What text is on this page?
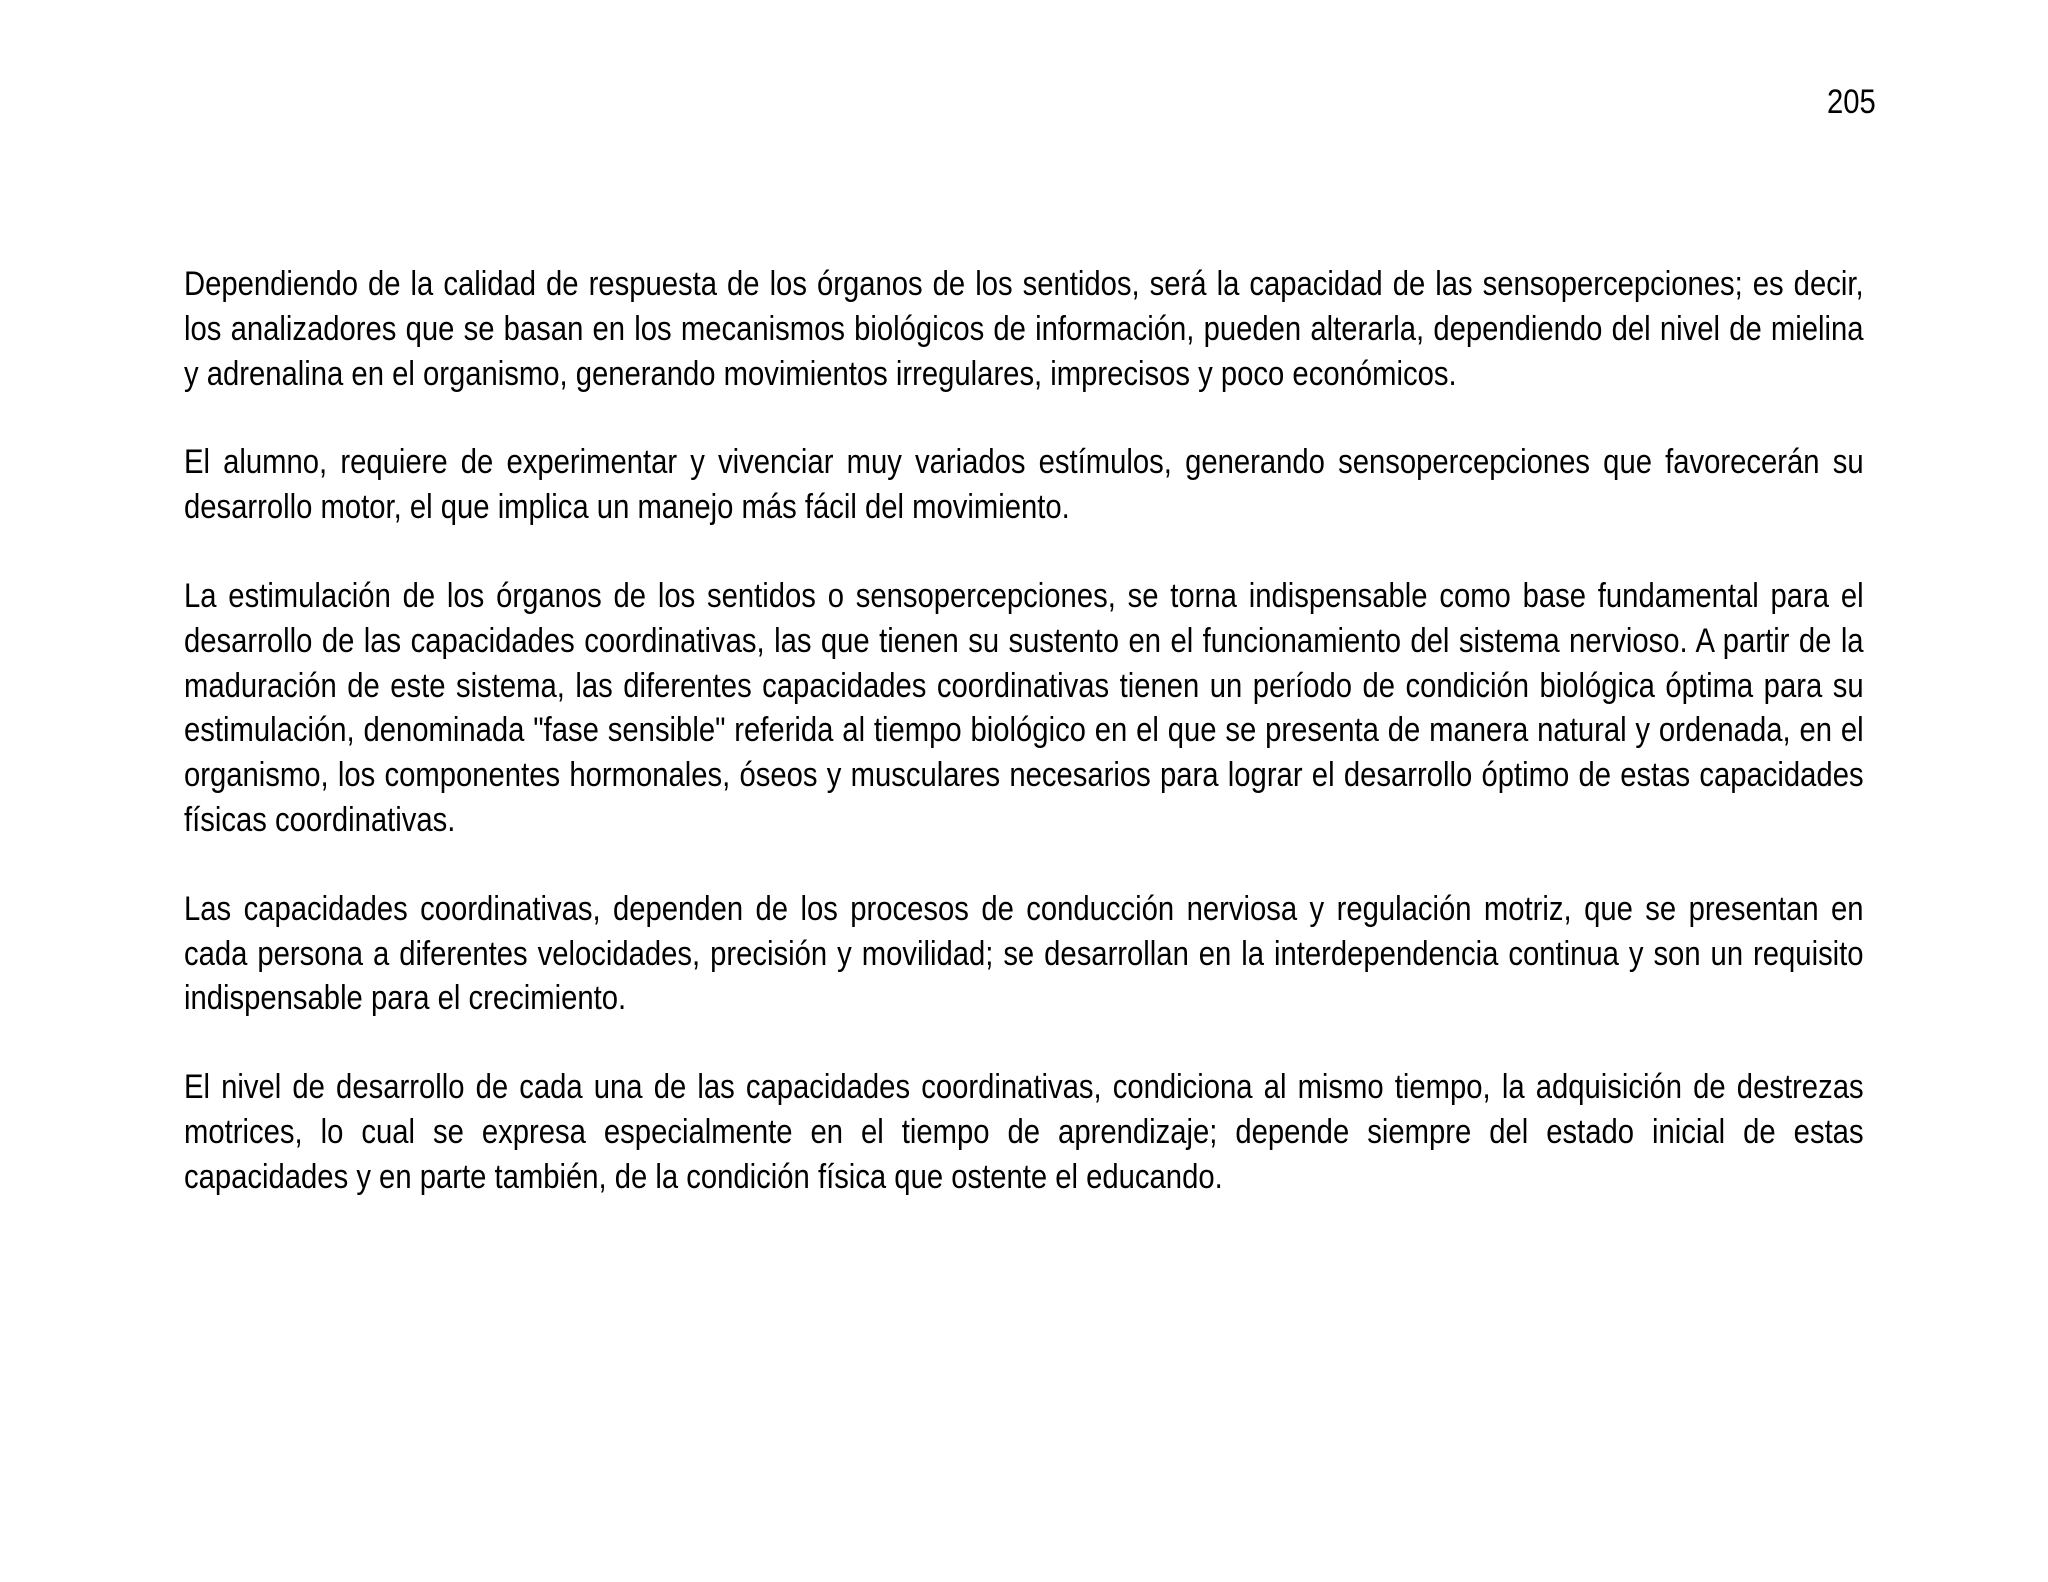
205

Dependiendo de la calidad de respuesta de los órganos de los sentidos, será la capacidad de las sensopercepciones; es decir, los analizadores que se basan en los mecanismos biológicos de información, pueden alterarla, dependiendo del nivel de mielina y adrenalina en el organismo, generando movimientos irregulares, imprecisos y poco económicos.

El alumno, requiere de experimentar y vivenciar muy variados estímulos, generando sensopercepciones que favorecerán su desarrollo motor, el que implica un manejo más fácil del movimiento.

La estimulación de los órganos de los sentidos o sensopercepciones, se torna indispensable como base fundamental para el desarrollo de las capacidades coordinativas, las que tienen su sustento en el funcionamiento del sistema nervioso. A partir de la maduración de este sistema, las diferentes capacidades coordinativas tienen un período de condición biológica óptima para su estimulación, denominada "fase sensible" referida al tiempo biológico en el que se presenta de manera natural y ordenada, en el organismo, los componentes hormonales, óseos y musculares necesarios para lograr el desarrollo óptimo de estas capacidades físicas coordinativas.

Las capacidades coordinativas, dependen de los procesos de conducción nerviosa y regulación motriz, que se presentan en cada persona a diferentes velocidades, precisión y movilidad; se desarrollan en la interdependencia continua y son un requisito indispensable para el crecimiento.

El nivel de desarrollo de cada una de las capacidades coordinativas, condiciona al mismo tiempo, la adquisición de destrezas motrices, lo cual se expresa especialmente en el tiempo de aprendizaje; depende siempre del estado inicial de estas capacidades y en parte también, de la condición física que ostente el educando.
